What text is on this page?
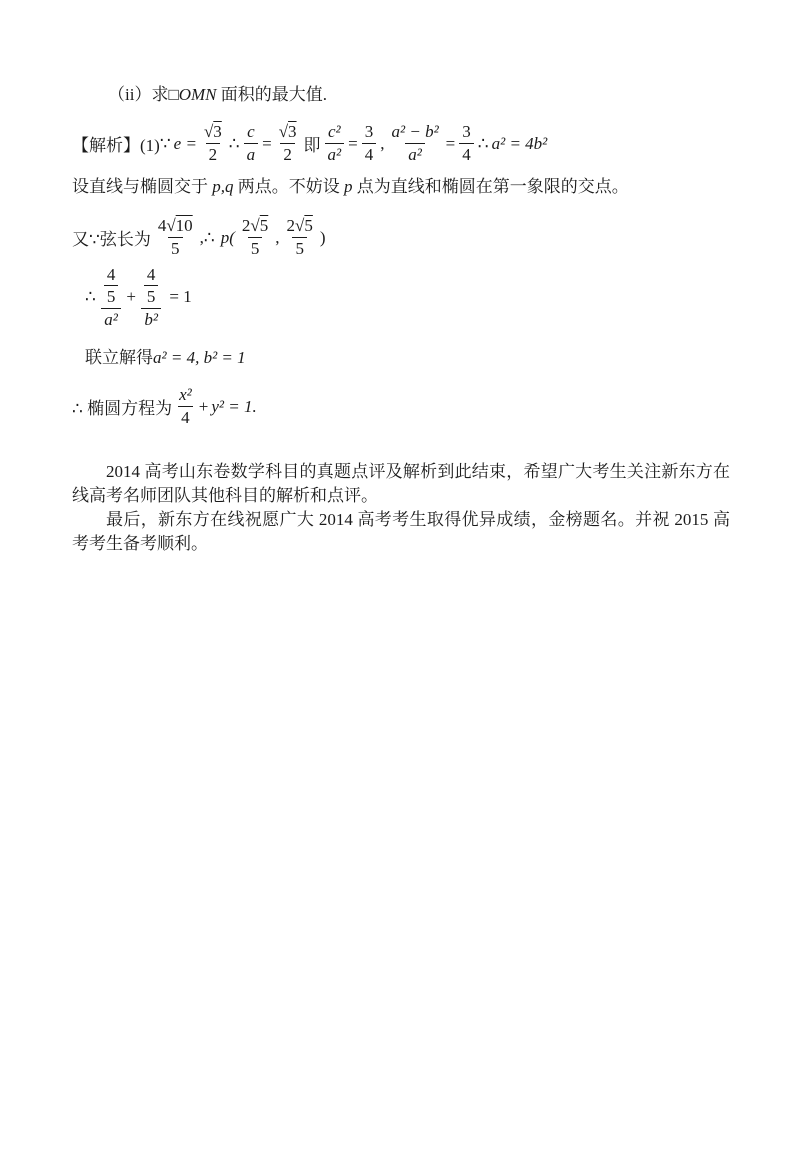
（ii）求□OMN 面积的最大值.

【解析】(1) ∵ $e = \frac{√3}{2}$ ∴ $\frac{c}{a} = \frac{√3}{2}$ 即 $\frac{\text{c²}}{\text{a²}} = \frac{3}{4}$ , $\frac{\text{a² − b²}}{\text{a²}} = \frac{3}{4}$ ∴ a² = 4b²

设直线与椭圆交于 p,q 两点。不妨设 p 点为直线和椭圆在第一象限的交点。

又∵弦长为 $\frac{4√10}{5}$ ,∴ $p( \frac{2√5}{5}$ , $\frac{2√5}{5}$ )
∴ $\frac{\frac{4}{5}}{\text{a²}} + \frac{\frac{4}{5}}{\text{b²}} = 1$

联立解得a² = 4, b² = 1

∴ 椭圆方程为 $\frac{\text{x²}}{4} + y^2 = 1$.

2014 高考山东卷数学科目的真题点评及解析到此结束，希望广大考生关注新东方在线高考名师团队其他科目的解析和点评。

最后，新东方在线祝愿广大 2014 高考考生取得优异成绩，金榜题名。并祝 2015 高考考生备考顺利。
